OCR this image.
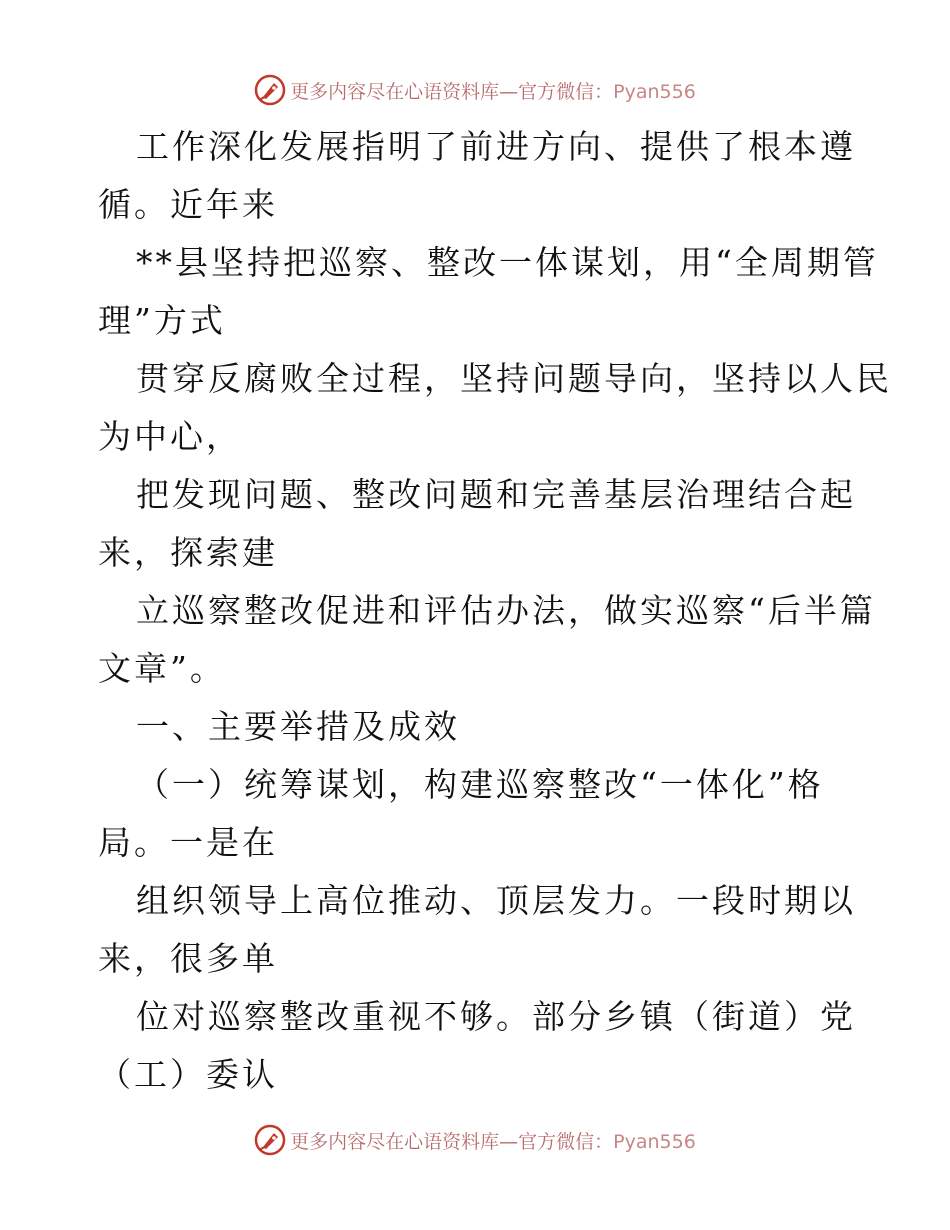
更多内容尽在心语资料库—官方微信：Pyan556

工作深化发展指明了前进方向、提供了根本遵

循。近年来

**县坚持把巡察、整改一体谋划，用“全周期管

理”方式

贯穿反腐败全过程，坚持问题导向，坚持以人民

为中心，

把发现问题、整改问题和完善基层治理结合起

来，探索建

立巡察整改促进和评估办法，做实巡察“后半篇

文章”。

一、主要举措及成效

（一）统筹谋划，构建巡察整改“一体化”格

局。一是在

组织领导上高位推动、顶层发力。一段时期以

来，很多单

位对巡察整改重视不够。部分乡镇（街道）党

（工）委认

更多内容尽在心语资料库—官方微信：Pyan556
